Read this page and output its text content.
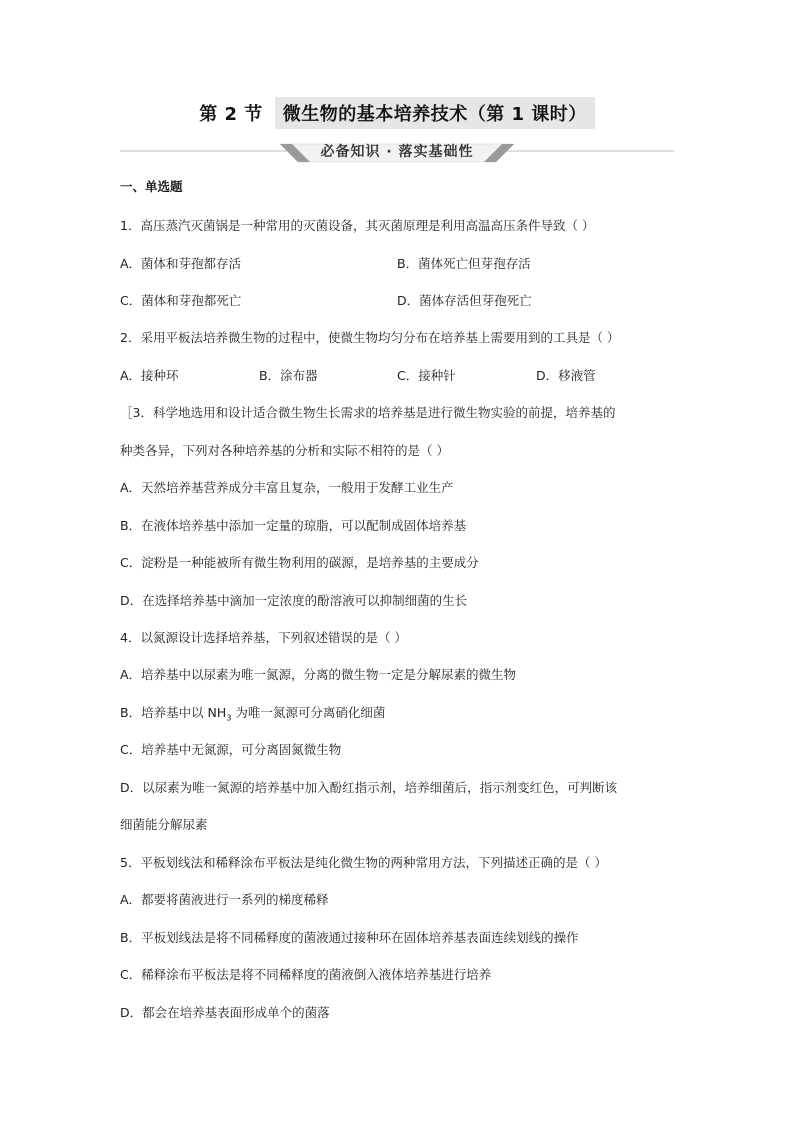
第 2 节	微生物的基本培养技术（第 1 课时）
必备知识 · 落实基础性
一、单选题
1．高压蒸汽灭菌锅是一种常用的灭菌设备，其灭菌原理是利用高温高压条件导致（ ）
A．菌体和芽孢都存活	B．菌体死亡但芽孢存活
C．菌体和芽孢都死亡	D．菌体存活但芽孢死亡
2．采用平板法培养微生物的过程中，使微生物均匀分布在培养基上需要用到的工具是（ ）
A．接种环	B．涂布器	C．接种针	D．移液管
［3．科学地选用和设计适合微生物生长需求的培养基是进行微生物实验的前提，培养基的
种类各异，下列对各种培养基的分析和实际不相符的是（ ）
A．天然培养基营养成分丰富且复杂，一般用于发酵工业生产
B．在液体培养基中添加一定量的琼脂，可以配制成固体培养基
C．淀粉是一种能被所有微生物利用的碳源，是培养基的主要成分
D．在选择培养基中滴加一定浓度的酚溶液可以抑制细菌的生长
4．以氮源设计选择培养基，下列叙述错误的是（ ）
A．培养基中以尿素为唯一氮源，分离的微生物一定是分解尿素的微生物
B．培养基中以 $NH_3$ 为唯一氮源可分离硝化细菌
C．培养基中无氮源，可分离固氮微生物
D．以尿素为唯一氮源的培养基中加入酚红指示剂，培养细菌后，指示剂变红色，可判断该
细菌能分解尿素
5．平板划线法和稀释涂布平板法是纯化微生物的两种常用方法，下列描述正确的是（ ）
A．都要将菌液进行一系列的梯度稀释
B．平板划线法是将不同稀释度的菌液通过接种环在固体培养基表面连续划线的操作
C．稀释涂布平板法是将不同稀释度的菌液倒入液体培养基进行培养
D．都会在培养基表面形成单个的菌落
